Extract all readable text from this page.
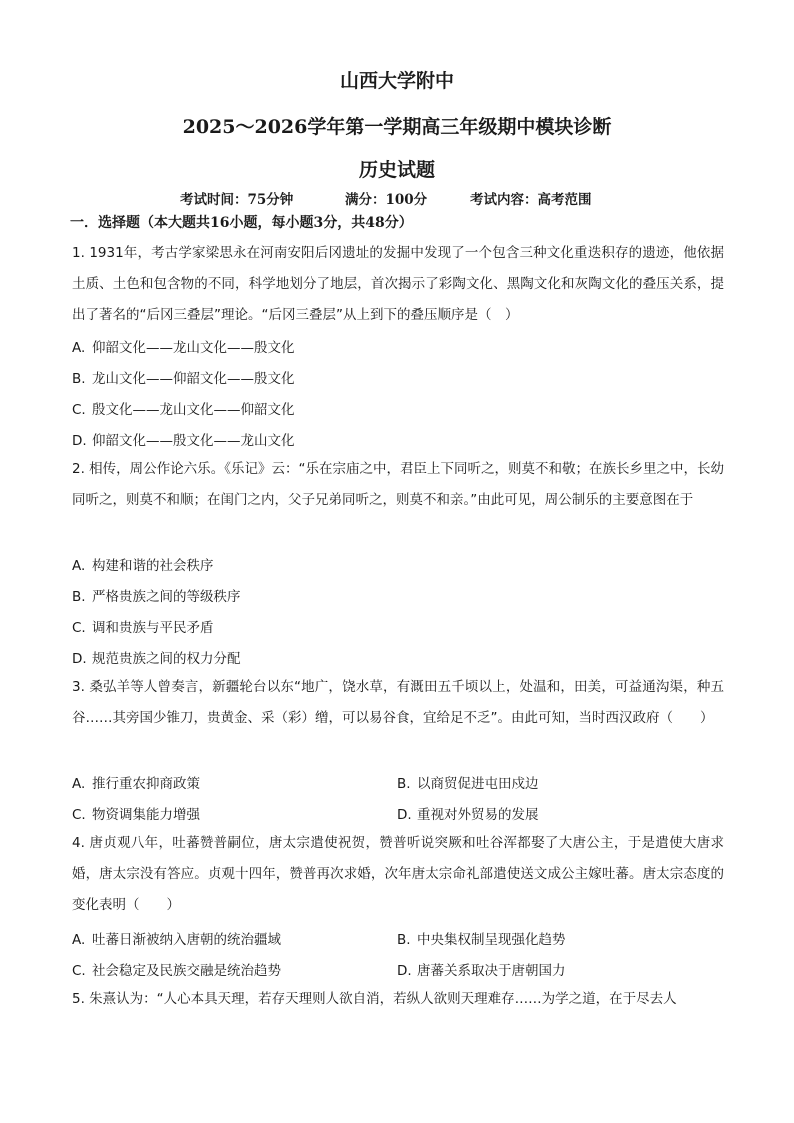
山西大学附中
2025～2026学年第一学期高三年级期中模块诊断
历史试题
考试时间：75分钟	满分：100分	考试内容：高考范围
一．选择题（本大题共16小题，每小题3分，共48分）
1. 1931年，考古学家梁思永在河南安阳后冈遗址的发掘中发现了一个包含三种文化重迭积存的遗迹，他依据土质、土色和包含物的不同，科学地划分了地层，首次揭示了彩陶文化、黑陶文化和灰陶文化的叠压关系，提出了著名的“后冈三叠层”理论。“后冈三叠层”从上到下的叠压顺序是（　）
A. 仰韶文化——龙山文化——殷文化
B. 龙山文化——仰韶文化——殷文化
C. 殷文化——龙山文化——仰韶文化
D. 仰韶文化——殷文化——龙山文化
2. 相传，周公作论六乐。《乐记》云：“乐在宗庙之中，君臣上下同听之，则莫不和敬；在族长乡里之中，长幼同听之，则莫不和顺；在闺门之内，父子兄弟同听之，则莫不和亲。”由此可见，周公制乐的主要意图在于
A. 构建和谐的社会秩序
B. 严格贵族之间的等级秩序
C. 调和贵族与平民矛盾
D. 规范贵族之间的权力分配
3. 桑弘羊等人曾奏言，新疆轮台以东“地广，饶水草，有溉田五千顷以上，处温和，田美，可益通沟渠，种五谷……其旁国少锥刀，贵黄金、采（彩）缯，可以易谷食，宜给足不乏”。由此可知，当时西汉政府（　　）
A. 推行重农抑商政策	B. 以商贸促进屯田戍边
C. 物资调集能力增强	D. 重视对外贸易的发展
4. 唐贞观八年，吐蕃赞普嗣位，唐太宗遣使祝贺，赞普听说突厥和吐谷浑都娶了大唐公主，于是遣使大唐求婚，唐太宗没有答应。贞观十四年，赞普再次求婚，次年唐太宗命礼部遣使送文成公主嫁吐蕃。唐太宗态度的变化表明（　　）
A. 吐蕃日渐被纳入唐朝的统治疆域	B. 中央集权制呈现强化趋势
C. 社会稳定及民族交融是统治趋势	D. 唐蕃关系取决于唐朝国力
5. 朱熹认为：“人心本具天理，若存天理则人欲自消，若纵人欲则天理难存……为学之道，在于尽去人
